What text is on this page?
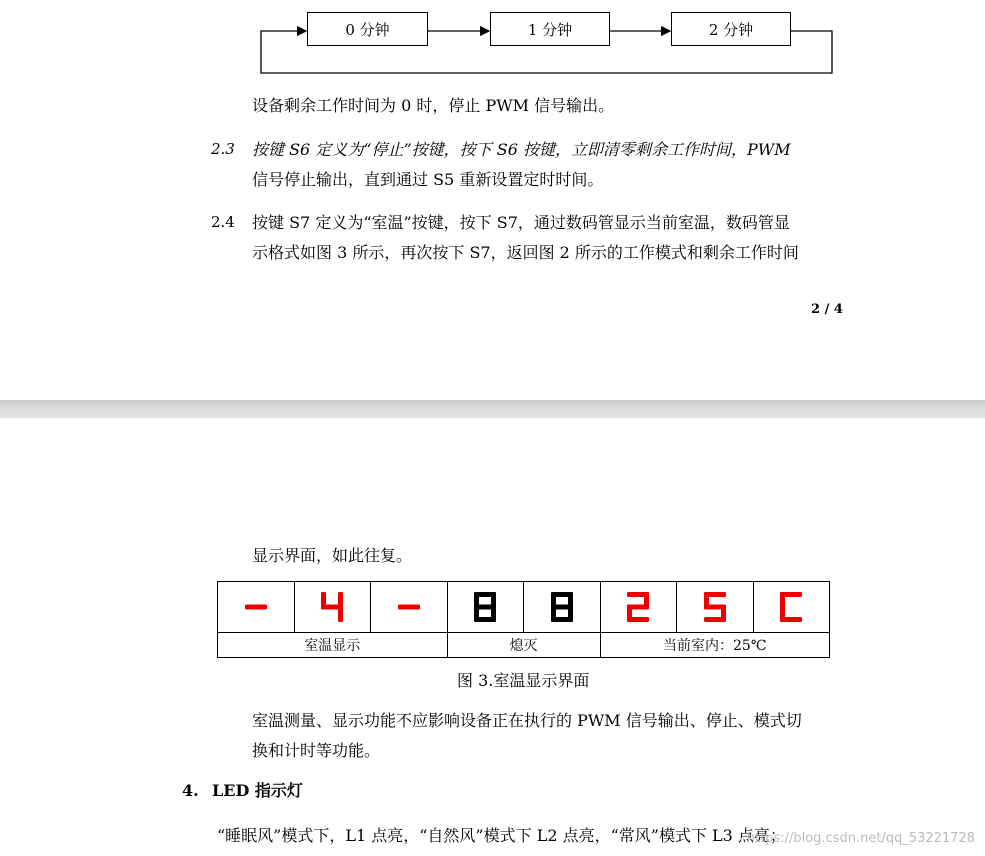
0 分钟	1 分钟	2 分钟
设备剩余工作时间为 0 时，停止 PWM 信号输出。
2.3 按键 S6 定义为“停止”按键，按下 S6 按键，立即清零剩余工作时间，PWM
信号停止输出，直到通过 S5 重新设置定时时间。
2.4 按键 S7 定义为“室温”按键，按下 S7，通过数码管显示当前室温，数码管显
示格式如图 3 所示，再次按下 S7，返回图 2 所示的工作模式和剩余工作时间
2 / 4
显示界面，如此往复。

室温显示			熄灭		当前室内：25℃		
图 3.室温显示界面
室温测量、显示功能不应影响设备正在执行的 PWM 信号输出、停止、模式切
换和计时等功能。
4. LED 指示灯
“睡眠风”模式下，L1 点亮，“自然风”模式下 L2 点亮，“常风”模式下 L3 点亮；
https://blog.csdn.net/qq_53221728
